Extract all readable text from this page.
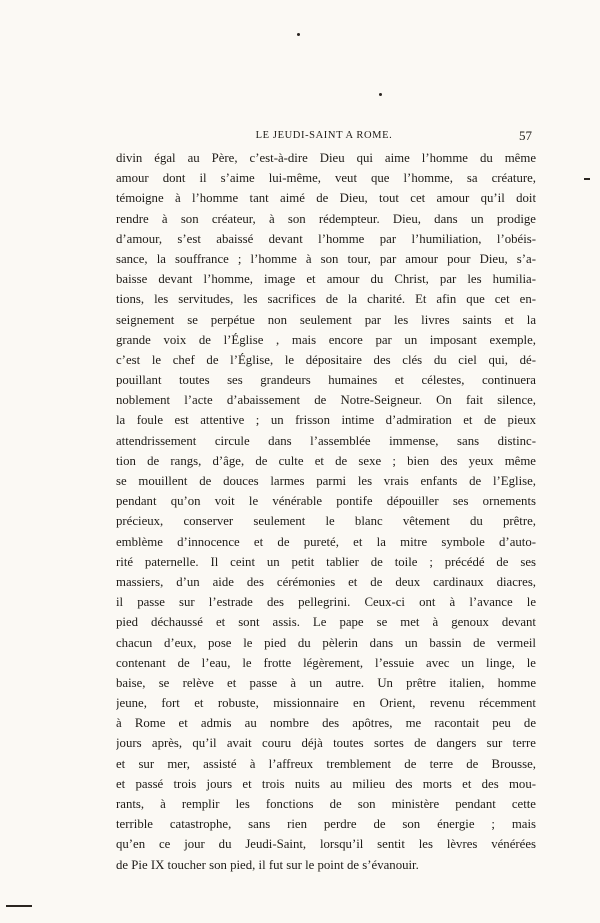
LE JEUDI-SAINT A ROME.	57
divin égal au Père, c’est-à-dire Dieu qui aime l’homme du même
amour dont il s’aime lui-même, veut que l’homme, sa créature,
témoigne à l’homme tant aimé de Dieu, tout cet amour qu’il doit
rendre à son créateur, à son rédempteur. Dieu, dans un prodige
d’amour, s’est abaissé devant l’homme par l’humiliation, l’obéis-
sance, la souffrance ; l’homme à son tour, par amour pour Dieu, s’a-
baisse devant l’homme, image et amour du Christ, par les humilia-
tions, les servitudes, les sacrifices de la charité. Et afin que cet en-
seignement se perpétue non seulement par les livres saints et la
grande voix de l’Église , mais encore par un imposant exemple,
c’est le chef de l’Église, le dépositaire des clés du ciel qui, dé-
pouillant toutes ses grandeurs humaines et célestes, continuera
noblement l’acte d’abaissement de Notre-Seigneur. On fait silence,
la foule est attentive ; un frisson intime d’admiration et de pieux
attendrissement circule dans l’assemblée immense, sans distinc-
tion de rangs, d’âge, de culte et de sexe ; bien des yeux même
se mouillent de douces larmes parmi les vrais enfants de l’Eglise,
pendant qu’on voit le vénérable pontife dépouiller ses ornements
précieux, conserver seulement le blanc vêtement du prêtre,
emblème d’innocence et de pureté, et la mitre symbole d’auto-
rité paternelle. Il ceint un petit tablier de toile ; précédé de ses
massiers, d’un aide des cérémonies et de deux cardinaux diacres,
il passe sur l’estrade des pellegrini. Ceux-ci ont à l’avance le
pied déchaussé et sont assis. Le pape se met à genoux devant
chacun d’eux, pose le pied du pèlerin dans un bassin de vermeil
contenant de l’eau, le frotte légèrement, l’essuie avec un linge, le
baise, se relève et passe à un autre. Un prêtre italien, homme
jeune, fort et robuste, missionnaire en Orient, revenu récemment
à Rome et admis au nombre des apôtres, me racontait peu de
jours après, qu’il avait couru déjà toutes sortes de dangers sur terre
et sur mer, assisté à l’affreux tremblement de terre de Brousse,
et passé trois jours et trois nuits au milieu des morts et des mou-
rants, à remplir les fonctions de son ministère pendant cette
terrible catastrophe, sans rien perdre de son énergie ; mais
qu’en ce jour du Jeudi-Saint, lorsqu’il sentit les lèvres vénérées
de Pie IX toucher son pied, il fut sur le point de s’évanouir.
